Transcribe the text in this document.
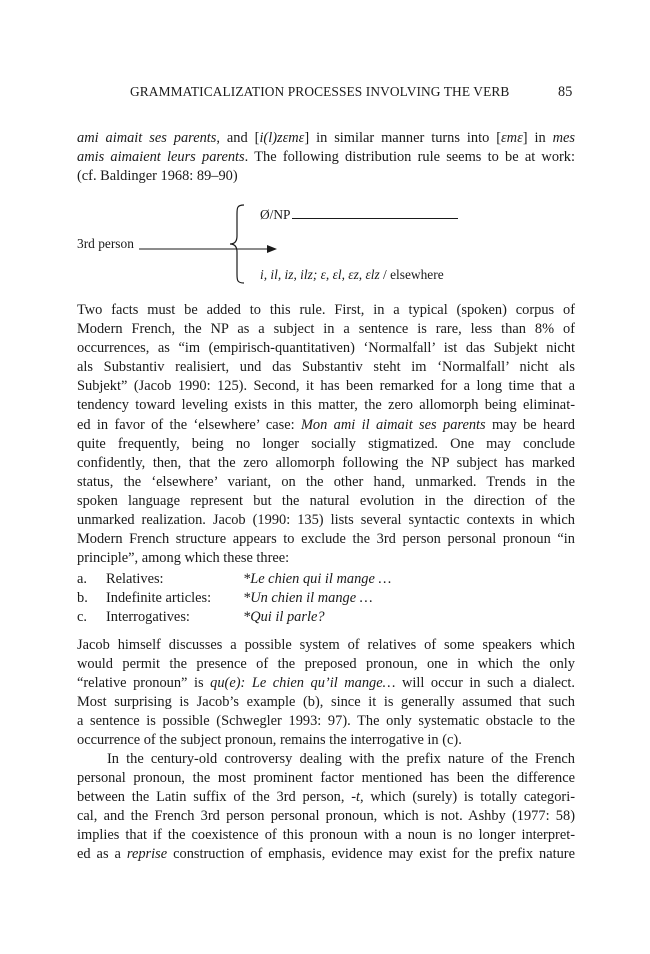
GRAMMATICALIZATION PROCESSES INVOLVING THE VERB	85
ami aimait ses parents, and [i(l)zεmε] in similar manner turns into [εmε] in mes
amis aimaient leurs parents. The following distribution rule seems to be at work:
(cf. Baldinger 1968: 89–90)
3rd person
Ø/NP
i, il, iz, ilz; ε, εl, εz, εlz / elsewhere
Two facts must be added to this rule. First, in a typical (spoken) corpus of
Modern French, the NP as a subject in a sentence is rare, less than 8% of
occurrences, as “im (empirisch-quantitativen) ‘Normalfall’ ist das Subjekt nicht
als Substantiv realisiert, und das Substantiv steht im ‘Normalfall’ nicht als
Subjekt” (Jacob 1990: 125). Second, it has been remarked for a long time that a
tendency toward leveling exists in this matter, the zero allomorph being eliminat-
ed in favor of the ‘elsewhere’ case: Mon ami il aimait ses parents may be heard
quite frequently, being no longer socially stigmatized. One may conclude
confidently, then, that the zero allomorph following the NP subject has marked
status, the ‘elsewhere’ variant, on the other hand, unmarked. Trends in the
spoken language represent but the natural evolution in the direction of the
unmarked realization. Jacob (1990: 135) lists several syntactic contexts in which
Modern French structure appears to exclude the 3rd person personal pronoun “in
principle”, among which these three:
a. Relatives:	*Le chien qui il mange …
b. Indefinite articles: *Un chien il mange …
c. Interrogatives:	*Qui il parle?
Jacob himself discusses a possible system of relatives of some speakers which
would permit the presence of the preposed pronoun, one in which the only
“relative pronoun” is qu(e): Le chien qu’il mange… will occur in such a dialect.
Most surprising is Jacob’s example (b), since it is generally assumed that such
a sentence is possible (Schwegler 1993: 97). The only systematic obstacle to the
occurrence of the subject pronoun, remains the interrogative in (c).
In the century-old controversy dealing with the prefix nature of the French
personal pronoun, the most prominent factor mentioned has been the difference
between the Latin suffix of the 3rd person, -t, which (surely) is totally categori-
cal, and the French 3rd person personal pronoun, which is not. Ashby (1977: 58)
implies that if the coexistence of this pronoun with a noun is no longer interpret-
ed as a reprise construction of emphasis, evidence may exist for the prefix nature
